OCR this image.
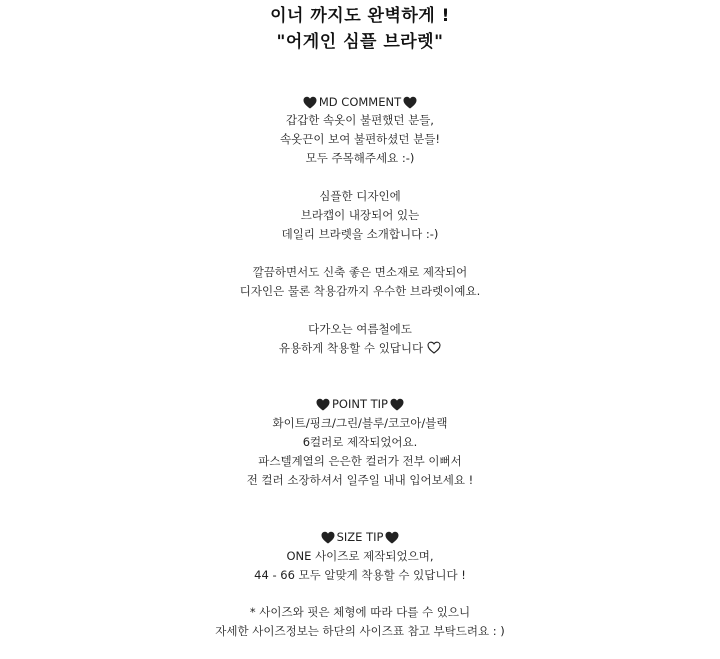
이너 까지도 완벽하게 !
"어게인 심플 브라렛"
MD COMMENT
갑갑한 속옷이 불편했던 분들,
속옷끈이 보여 불편하셨던 분들!
모두 주목해주세요 :-)
심플한 디자인에
브라캡이 내장되어 있는
데일리 브라렛을 소개합니다 :-)
깔끔하면서도 신축 좋은 면소재로 제작되어
디자인은 물론 착용감까지 우수한 브라렛이예요.
다가오는 여름철에도
유용하게 착용할 수 있답니다
POINT TIP
화이트/핑크/그린/블루/코코아/블랙
6컬러로 제작되었어요.
파스텔계열의 은은한 컬러가 전부 이뻐서
전 컬러 소장하셔서 일주일 내내 입어보세요 !
SIZE TIP
ONE 사이즈로 제작되었으며,
44 - 66 모두 알맞게 착용할 수 있답니다 !
* 사이즈와 핏은 체형에 따라 다를 수 있으니
자세한 사이즈정보는 하단의 사이즈표 참고 부탁드려요 : )
